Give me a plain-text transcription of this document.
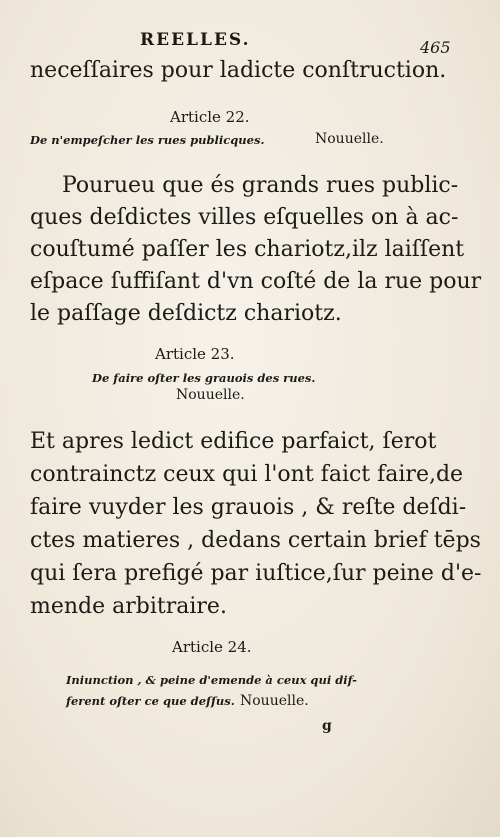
REELLES.	465
neceſſaires pour ladicte conſtruction.
Article 22.
De n'empeſcher les rues publicques.	Nouuelle.
Pourueu que és grands rues public-
ques deſdictes villes eſquelles on à ac-
couſtumé paſſer les chariotz,ilz laiſſent
eſpace ſuffiſant d'vn coſté de la rue pour
le paſſage deſdictz chariotz.
Article 23.
De faire oſter les grauois des rues.
Nouuelle.
Et apres ledict edifice parfaict, ſerot
contrainctz ceux qui l'ont faict faire,de
faire vuyder les grauois , & reſte deſdi-
ctes matieres , dedans certain brief tēps
qui ſera prefigé par iuſtice,ſur peine d'e-
mende arbitraire.
Article 24.
Iniunction , & peine d'emende à ceux qui dif-
ferent oſter ce que deſſus. Nouuelle.
g
